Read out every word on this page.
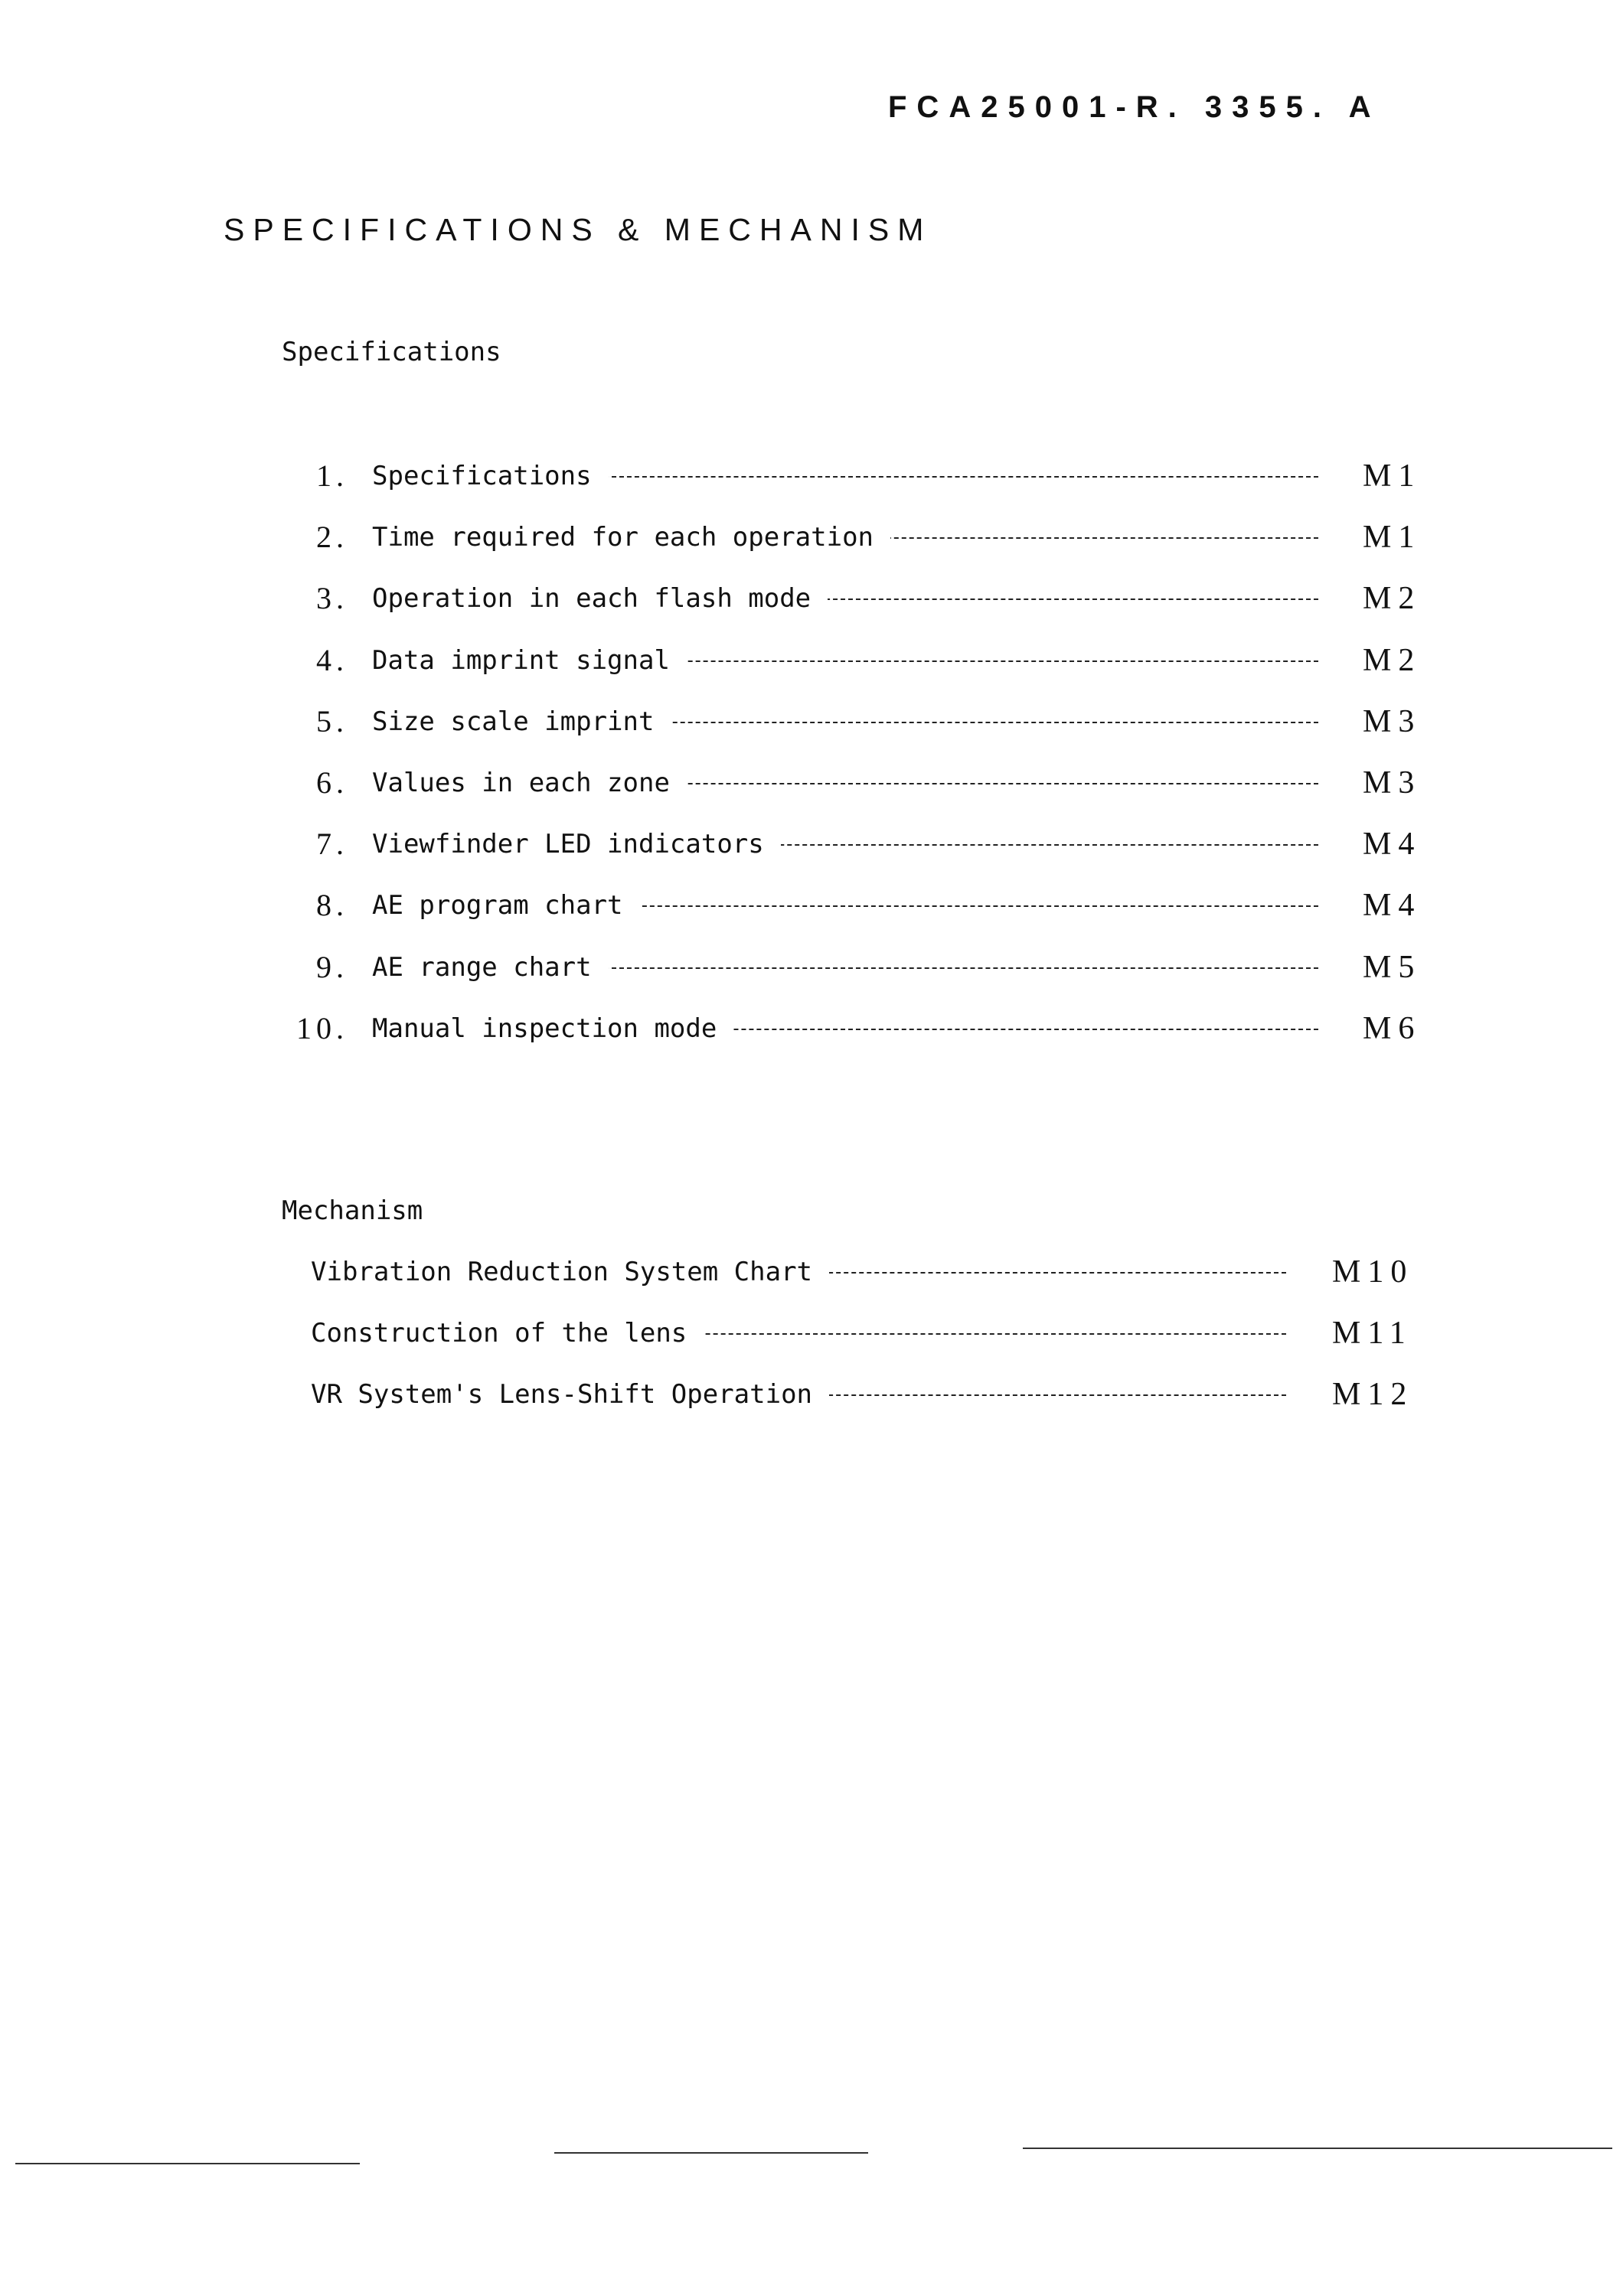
FCA25001-R. 3355. A
SPECIFICATIONS & MECHANISM
Specifications
1. Specifications	M1
2. Time required for each operation	M1
3. Operation in each flash mode	M2
4. Data imprint signal	M2
5. Size scale imprint	M3
6. Values in each zone	M3
7. Viewfinder LED indicators	M4
8. AE program chart	M4
9. AE range chart	M5
10. Manual inspection mode	M6
Mechanism
Vibration Reduction System Chart	M10
Construction of the lens	M11
VR System's Lens-Shift Operation	M12
